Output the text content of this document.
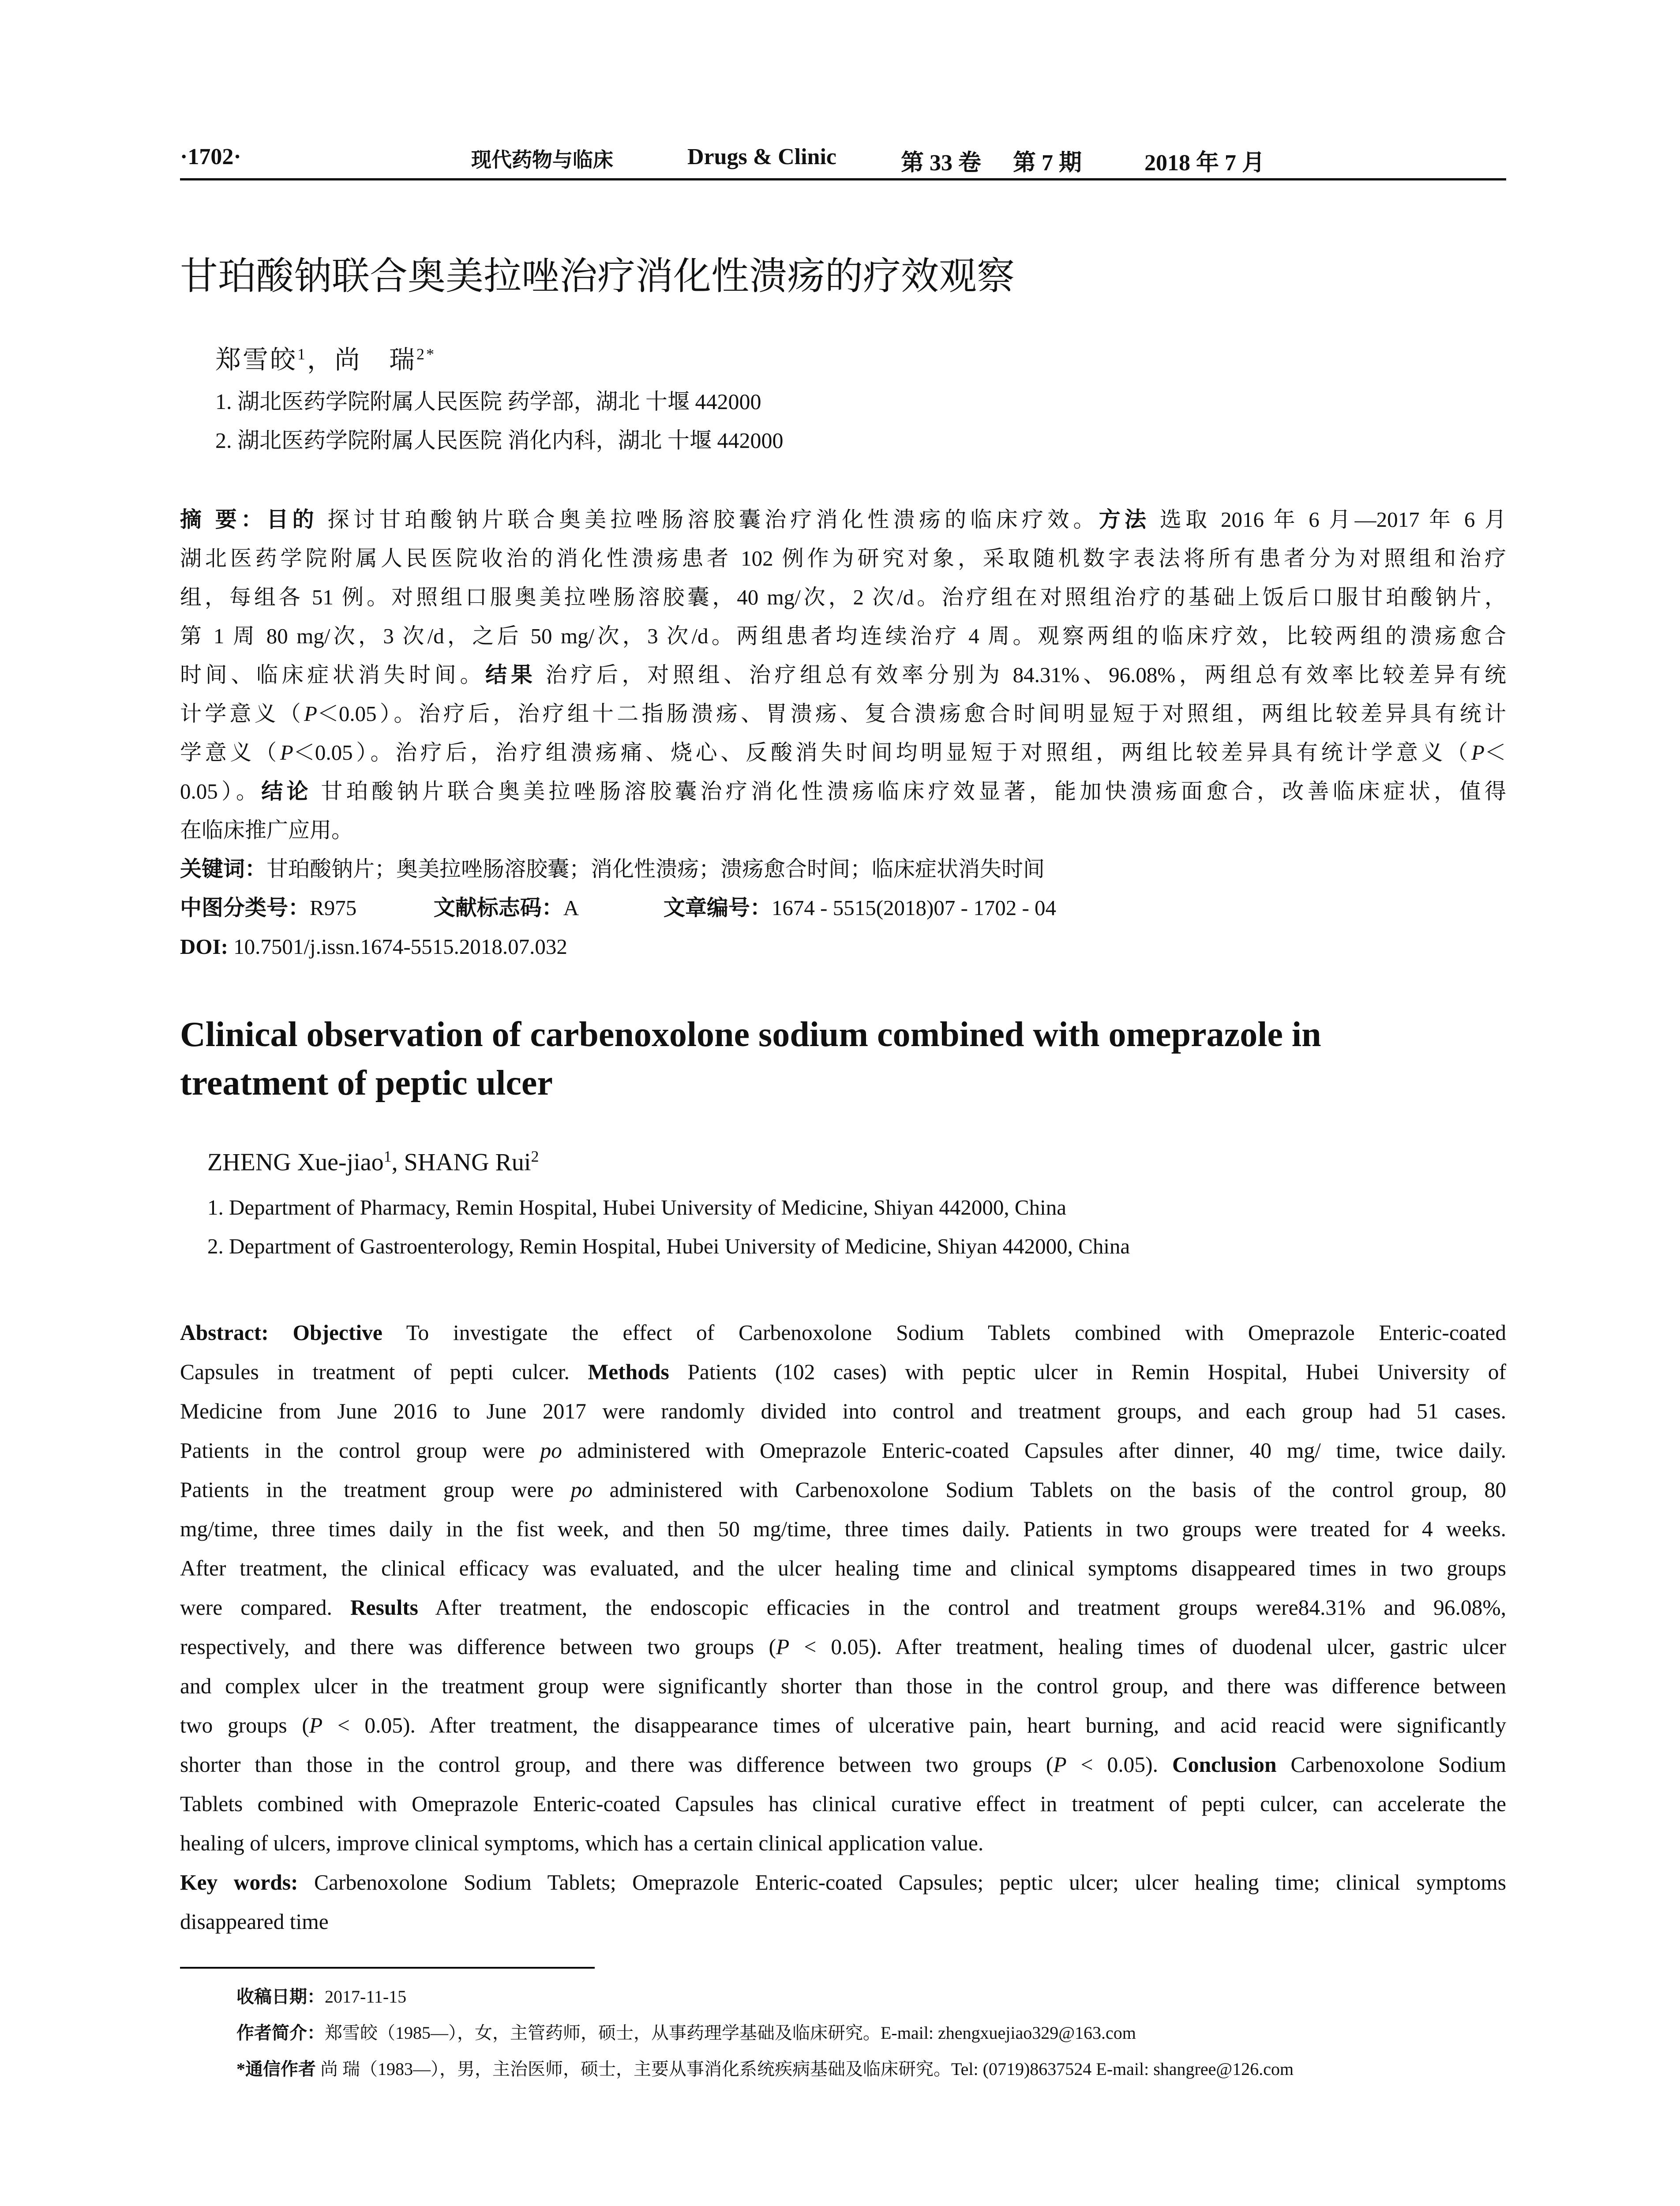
·1702·	现代药物与临床	Drugs & Clinic	第 33 卷 第 7 期	2018 年 7 月
甘珀酸钠联合奥美拉唑治疗消化性溃疡的疗效观察
郑雪皎$^1$，尚　瑞$^{2*}$
1. 湖北医药学院附属人民医院 药学部，湖北 十堰 442000
2. 湖北医药学院附属人民医院 消化内科，湖北 十堰 442000
摘 要：目的 探讨甘珀酸钠片联合奥美拉唑肠溶胶囊治疗消化性溃疡的临床疗效。方法 选取 2016 年 6 月—2017 年 6 月
湖北医药学院附属人民医院收治的消化性溃疡患者 102 例作为研究对象，采取随机数字表法将所有患者分为对照组和治疗
组，每组各 51 例。对照组口服奥美拉唑肠溶胶囊，40 mg/次，2 次/d。治疗组在对照组治疗的基础上饭后口服甘珀酸钠片，
第 1 周 80 mg/次，3 次/d，之后 50 mg/次，3 次/d。两组患者均连续治疗 4 周。观察两组的临床疗效，比较两组的溃疡愈合
时间、临床症状消失时间。结果 治疗后，对照组、治疗组总有效率分别为 84.31%、96.08%，两组总有效率比较差异有统
计学意义（P＜0.05）。治疗后，治疗组十二指肠溃疡、胃溃疡、复合溃疡愈合时间明显短于对照组，两组比较差异具有统计
学意义（P＜0.05）。治疗后，治疗组溃疡痛、烧心、反酸消失时间均明显短于对照组，两组比较差异具有统计学意义（P＜
0.05）。结论 甘珀酸钠片联合奥美拉唑肠溶胶囊治疗消化性溃疡临床疗效显著，能加快溃疡面愈合，改善临床症状，值得
在临床推广应用。
关键词：甘珀酸钠片；奥美拉唑肠溶胶囊；消化性溃疡；溃疡愈合时间；临床症状消失时间
中图分类号：R975	文献标志码：A	文章编号：1674 - 5515(2018)07 - 1702 - 04
DOI: 10.7501/j.issn.1674-5515.2018.07.032
Clinical observation of carbenoxolone sodium combined with omeprazole in
treatment of peptic ulcer
ZHENG Xue-jiao$^1$, SHANG Rui$^2$
1. Department of Pharmacy, Remin Hospital, Hubei University of Medicine, Shiyan 442000, China
2. Department of Gastroenterology, Remin Hospital, Hubei University of Medicine, Shiyan 442000, China
Abstract: Objective To investigate the effect of Carbenoxolone Sodium Tablets combined with Omeprazole Enteric-coated
Capsules in treatment of pepti culcer. Methods Patients (102 cases) with peptic ulcer in Remin Hospital, Hubei University of
Medicine from June 2016 to June 2017 were randomly divided into control and treatment groups, and each group had 51 cases.
Patients in the control group were po administered with Omeprazole Enteric-coated Capsules after dinner, 40 mg/ time, twice daily.
Patients in the treatment group were po administered with Carbenoxolone Sodium Tablets on the basis of the control group, 80
mg/time, three times daily in the fist week, and then 50 mg/time, three times daily. Patients in two groups were treated for 4 weeks.
After treatment, the clinical efficacy was evaluated, and the ulcer healing time and clinical symptoms disappeared times in two groups
were compared. Results After treatment, the endoscopic efficacies in the control and treatment groups were84.31% and 96.08%,
respectively, and there was difference between two groups (P < 0.05). After treatment, healing times of duodenal ulcer, gastric ulcer
and complex ulcer in the treatment group were significantly shorter than those in the control group, and there was difference between
two groups (P < 0.05). After treatment, the disappearance times of ulcerative pain, heart burning, and acid reacid were significantly
shorter than those in the control group, and there was difference between two groups (P < 0.05). Conclusion Carbenoxolone Sodium
Tablets combined with Omeprazole Enteric-coated Capsules has clinical curative effect in treatment of pepti culcer, can accelerate the
healing of ulcers, improve clinical symptoms, which has a certain clinical application value.
Key words: Carbenoxolone Sodium Tablets; Omeprazole Enteric-coated Capsules; peptic ulcer; ulcer healing time; clinical symptoms
disappeared time
收稿日期：2017-11-15
作者简介：郑雪皎（1985—），女，主管药师，硕士，从事药理学基础及临床研究。E-mail: zhengxuejiao329@163.com
*通信作者 尚 瑞（1983—），男，主治医师，硕士，主要从事消化系统疾病基础及临床研究。Tel: (0719)8637524 E-mail: shangree@126.com
